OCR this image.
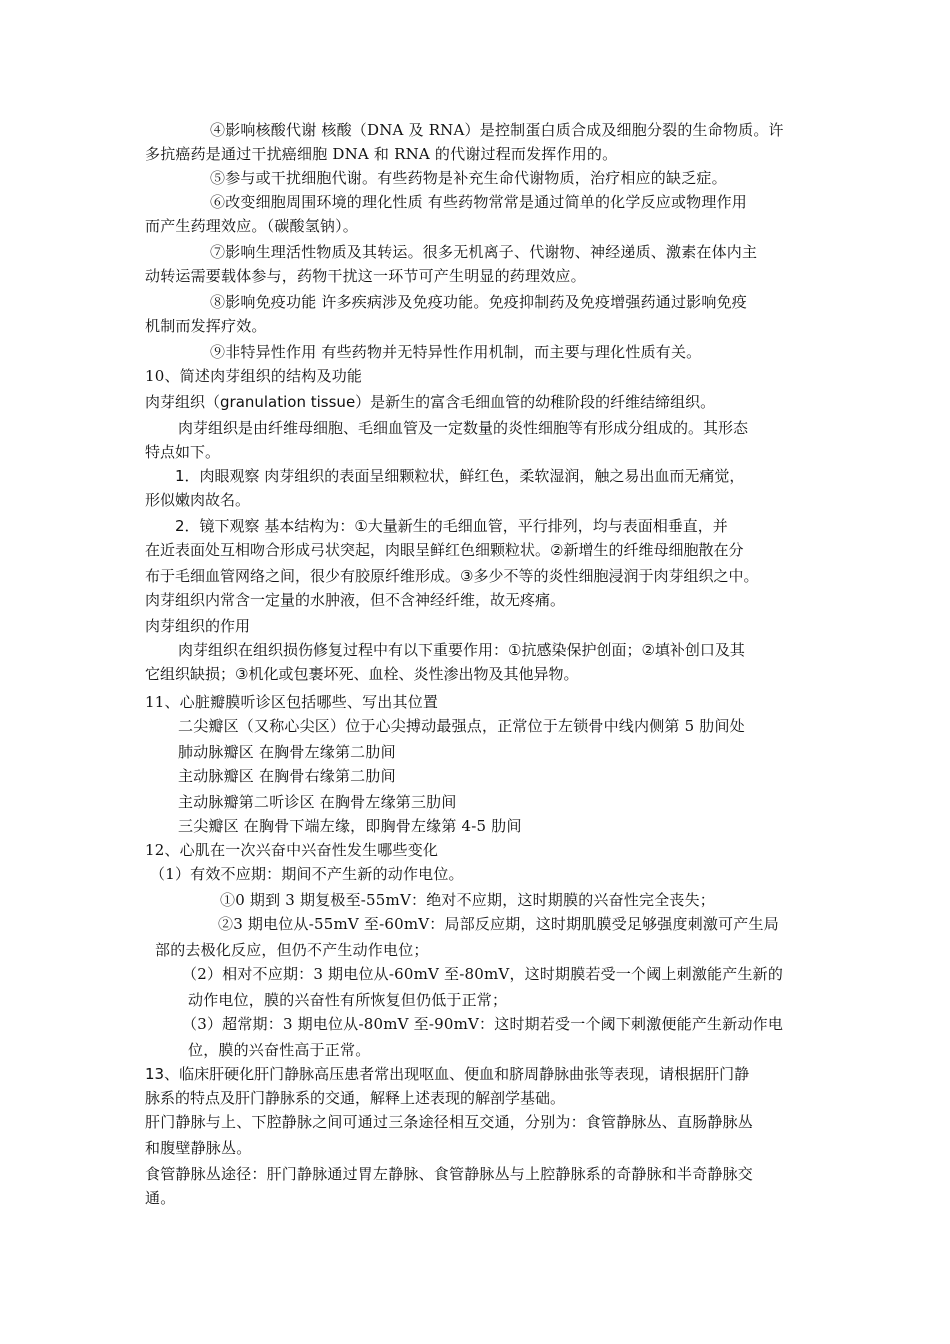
④影响核酸代谢 核酸（DNA 及 RNA）是控制蛋白质合成及细胞分裂的生命物质。许
多抗癌药是通过干扰癌细胞 DNA 和 RNA 的代谢过程而发挥作用的。
⑤参与或干扰细胞代谢。有些药物是补充生命代谢物质，治疗相应的缺乏症。
⑥改变细胞周围环境的理化性质 有些药物常常是通过简单的化学反应或物理作用
而产生药理效应。（碳酸氢钠）。
⑦影响生理活性物质及其转运。很多无机离子、代谢物、神经递质、激素在体内主
动转运需要载体参与，药物干扰这一环节可产生明显的药理效应。
⑧影响免疫功能 许多疾病涉及免疫功能。免疫抑制药及免疫增强药通过影响免疫
机制而发挥疗效。
⑨非特异性作用 有些药物并无特异性作用机制，而主要与理化性质有关。
10、简述肉芽组织的结构及功能
肉芽组织（granulation tissue）是新生的富含毛细血管的幼稚阶段的纤维结缔组织。
肉芽组织是由纤维母细胞、毛细血管及一定数量的炎性细胞等有形成分组成的。其形态
特点如下。
1．肉眼观察 肉芽组织的表面呈细颗粒状，鲜红色，柔软湿润，触之易出血而无痛觉，
形似嫩肉故名。
2．镜下观察 基本结构为：①大量新生的毛细血管，平行排列，均与表面相垂直，并
在近表面处互相吻合形成弓状突起，肉眼呈鲜红色细颗粒状。②新增生的纤维母细胞散在分
布于毛细血管网络之间，很少有胶原纤维形成。③多少不等的炎性细胞浸润于肉芽组织之中。
肉芽组织内常含一定量的水肿液，但不含神经纤维，故无疼痛。
肉芽组织的作用
肉芽组织在组织损伤修复过程中有以下重要作用：①抗感染保护创面；②填补创口及其
它组织缺损；③机化或包裹坏死、血栓、炎性渗出物及其他异物。
11、心脏瓣膜听诊区包括哪些、写出其位置
二尖瓣区（又称心尖区）位于心尖搏动最强点，正常位于左锁骨中线内侧第 5 肋间处
肺动脉瓣区 在胸骨左缘第二肋间
主动脉瓣区 在胸骨右缘第二肋间
主动脉瓣第二听诊区 在胸骨左缘第三肋间
三尖瓣区 在胸骨下端左缘，即胸骨左缘第 4-5 肋间
12、心肌在一次兴奋中兴奋性发生哪些变化
（1）有效不应期：期间不产生新的动作电位。
①0 期到 3 期复极至-55mV：绝对不应期，这时期膜的兴奋性完全丧失；
②3 期电位从-55mV 至-60mV：局部反应期，这时期肌膜受足够强度刺激可产生局
部的去极化反应，但仍不产生动作电位；
（2）相对不应期：3 期电位从-60mV 至-80mV，这时期膜若受一个阈上刺激能产生新的
动作电位，膜的兴奋性有所恢复但仍低于正常；
（3）超常期：3 期电位从-80mV 至-90mV：这时期若受一个阈下刺激便能产生新动作电
位，膜的兴奋性高于正常。
13、临床肝硬化肝门静脉高压患者常出现呕血、便血和脐周静脉曲张等表现，请根据肝门静
脉系的特点及肝门静脉系的交通，解释上述表现的解剖学基础。
肝门静脉与上、下腔静脉之间可通过三条途径相互交通，分别为：食管静脉丛、直肠静脉丛
和腹壁静脉丛。
食管静脉丛途径：肝门静脉通过胃左静脉、食管静脉丛与上腔静脉系的奇静脉和半奇静脉交
通。
